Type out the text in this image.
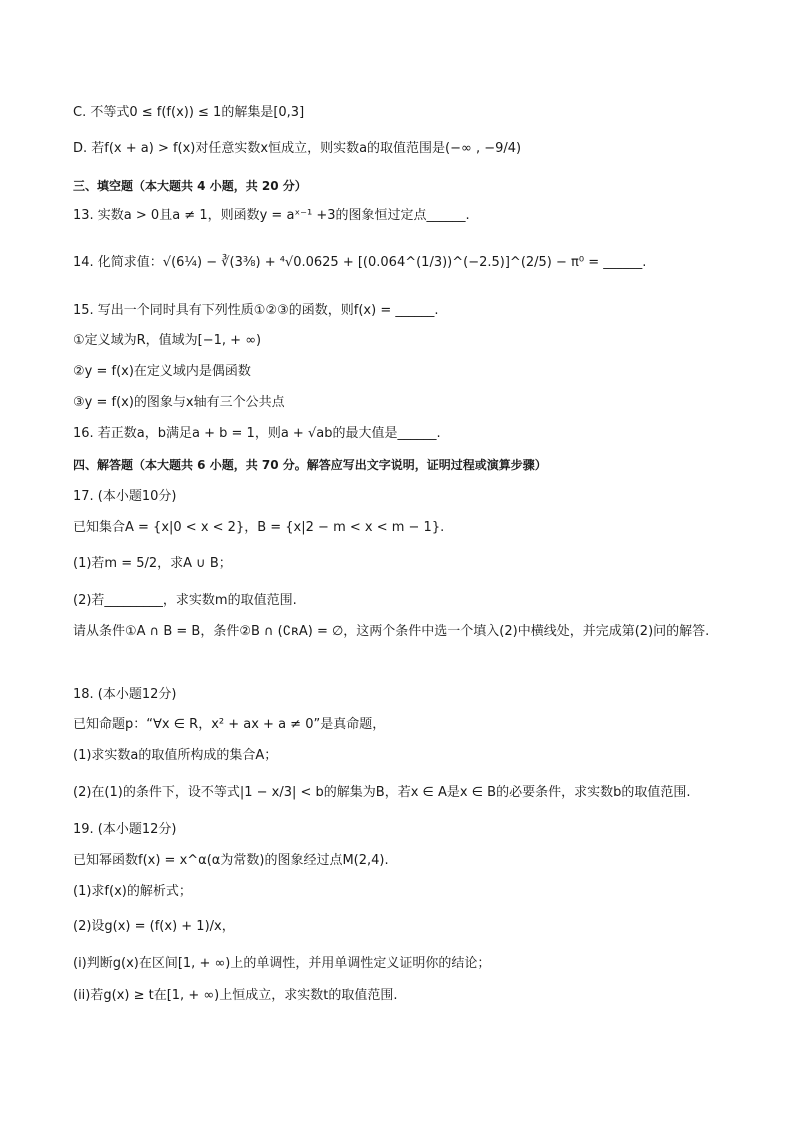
C. 不等式0 ≤ f(f(x)) ≤ 1的解集是[0,3]
D. 若f(x + a) > f(x)对任意实数x恒成立，则实数a的取值范围是(−∞ , −9/4)
三、填空题（本大题共 4 小题，共 20 分）
13. 实数a > 0且a ≠ 1，则函数y = aˣ⁻¹ +3的图象恒过定点______.
14. 化简求值：√(6¼) − ∛(3⅜) + ⁴√0.0625 + [(0.064^(1/3))^(−2.5)]^(2/5) − π⁰ = ______.
15. 写出一个同时具有下列性质①②③的函数，则f(x) = ______.
①定义域为R，值域为[−1, + ∞)
②y = f(x)在定义域内是偶函数
③y = f(x)的图象与x轴有三个公共点
16. 若正数a，b满足a + b = 1，则a + √ab的最大值是______.
四、解答题（本大题共 6 小题，共 70 分。解答应写出文字说明，证明过程或演算步骤）
17. (本小题10分)
已知集合A = {x|0 < x < 2}，B = {x|2 − m < x < m − 1}.
(1)若m = 5/2，求A ∪ B；
(2)若_________，求实数m的取值范围.
请从条件①A ∩ B = B，条件②B ∩ (∁ʀA) = ∅，这两个条件中选一个填入(2)中横线处，并完成第(2)问的解答.
18. (本小题12分)
已知命题p：“∀x ∈ R，x² + ax + a ≠ 0”是真命题，
(1)求实数a的取值所构成的集合A；
(2)在(1)的条件下，设不等式|1 − x/3| < b的解集为B，若x ∈ A是x ∈ B的必要条件，求实数b的取值范围.
19. (本小题12分)
已知幂函数f(x) = x^α(α为常数)的图象经过点M(2,4).
(1)求f(x)的解析式；
(2)设g(x) = (f(x) + 1)/x，
(i)判断g(x)在区间[1, + ∞)上的单调性，并用单调性定义证明你的结论；
(ii)若g(x) ≥ t在[1, + ∞)上恒成立，求实数t的取值范围.
